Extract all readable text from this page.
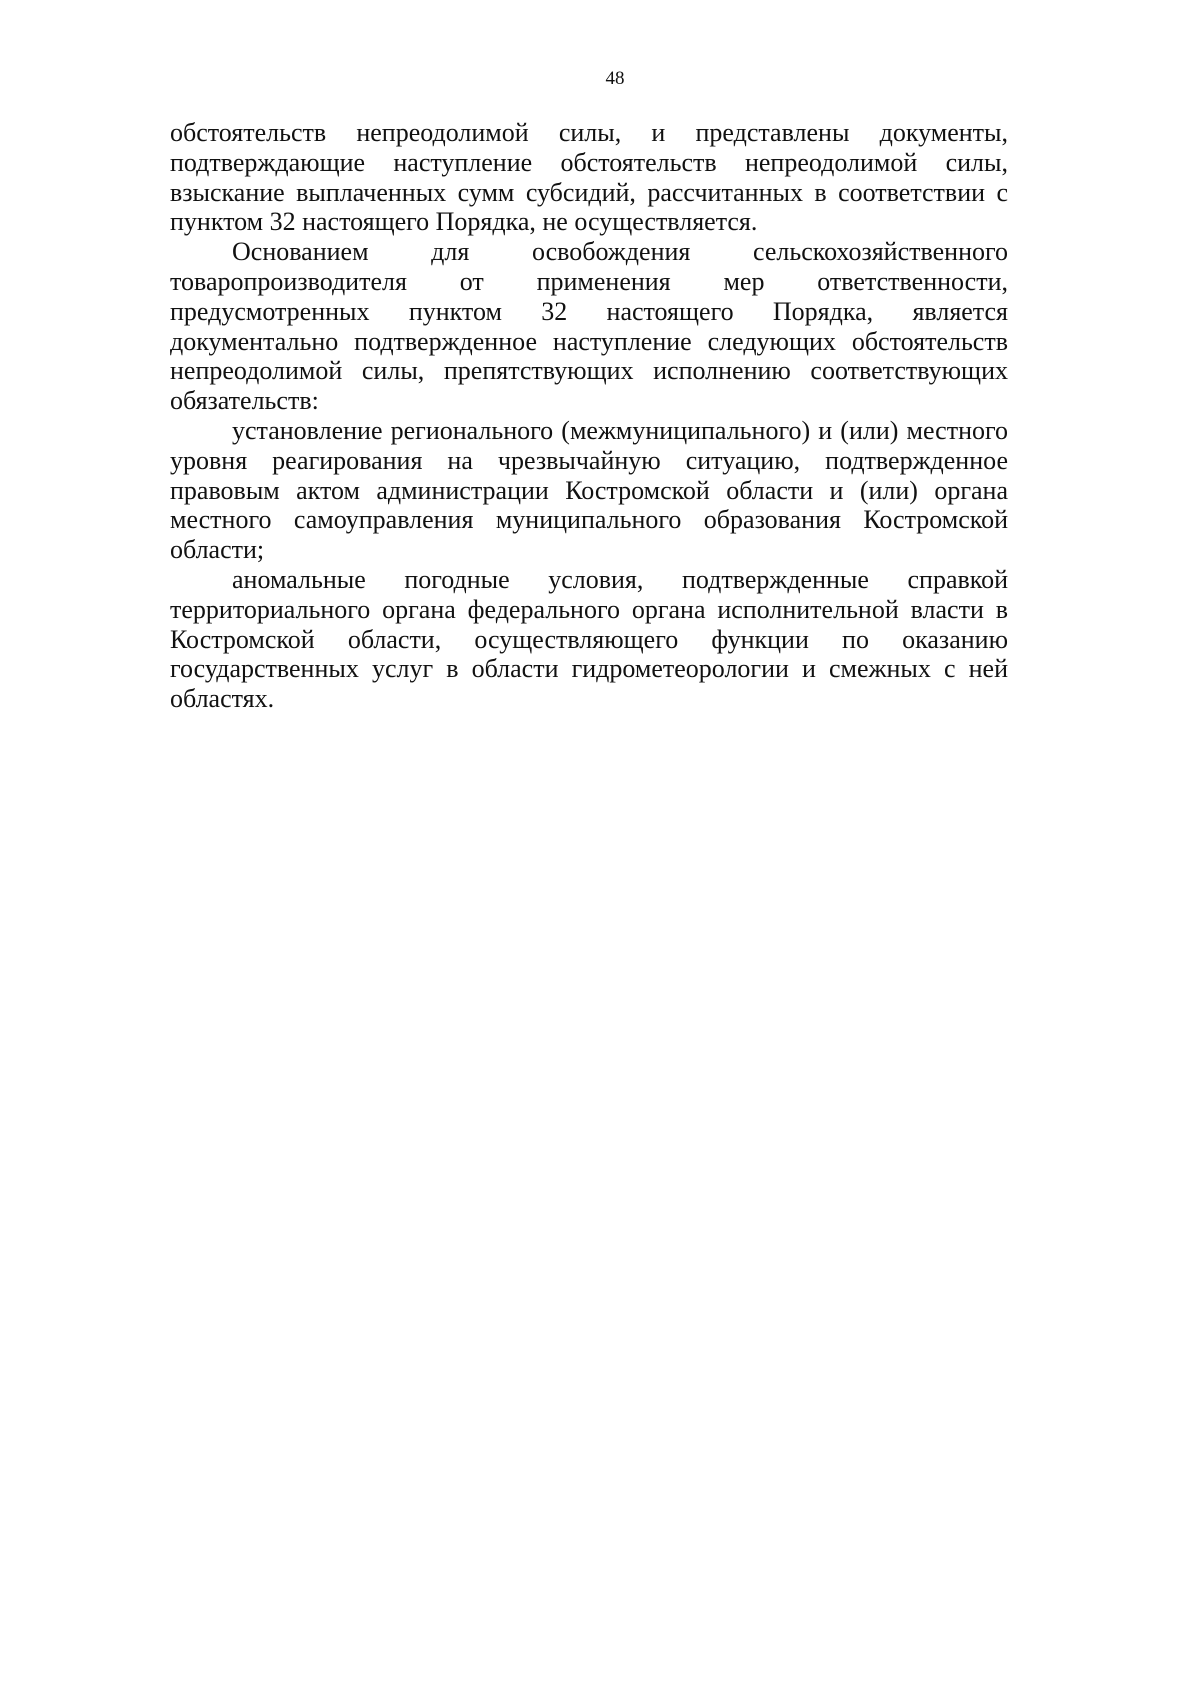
48
обстоятельств непреодолимой силы, и представлены документы,
подтверждающие наступление обстоятельств непреодолимой силы,
взыскание выплаченных сумм субсидий, рассчитанных в соответствии с
пунктом 32 настоящего Порядка, не осуществляется.
Основанием для освобождения сельскохозяйственного
товаропроизводителя от применения мер ответственности,
предусмотренных пунктом 32 настоящего Порядка, является
документально подтвержденное наступление следующих обстоятельств
непреодолимой силы, препятствующих исполнению соответствующих
обязательств:
установление регионального (межмуниципального) и (или) местного
уровня реагирования на чрезвычайную ситуацию, подтвержденное
правовым актом администрации Костромской области и (или) органа
местного самоуправления муниципального образования Костромской
области;
аномальные погодные условия, подтвержденные справкой
территориального органа федерального органа исполнительной власти в
Костромской области, осуществляющего функции по оказанию
государственных услуг в области гидрометеорологии и смежных с ней
областях.
